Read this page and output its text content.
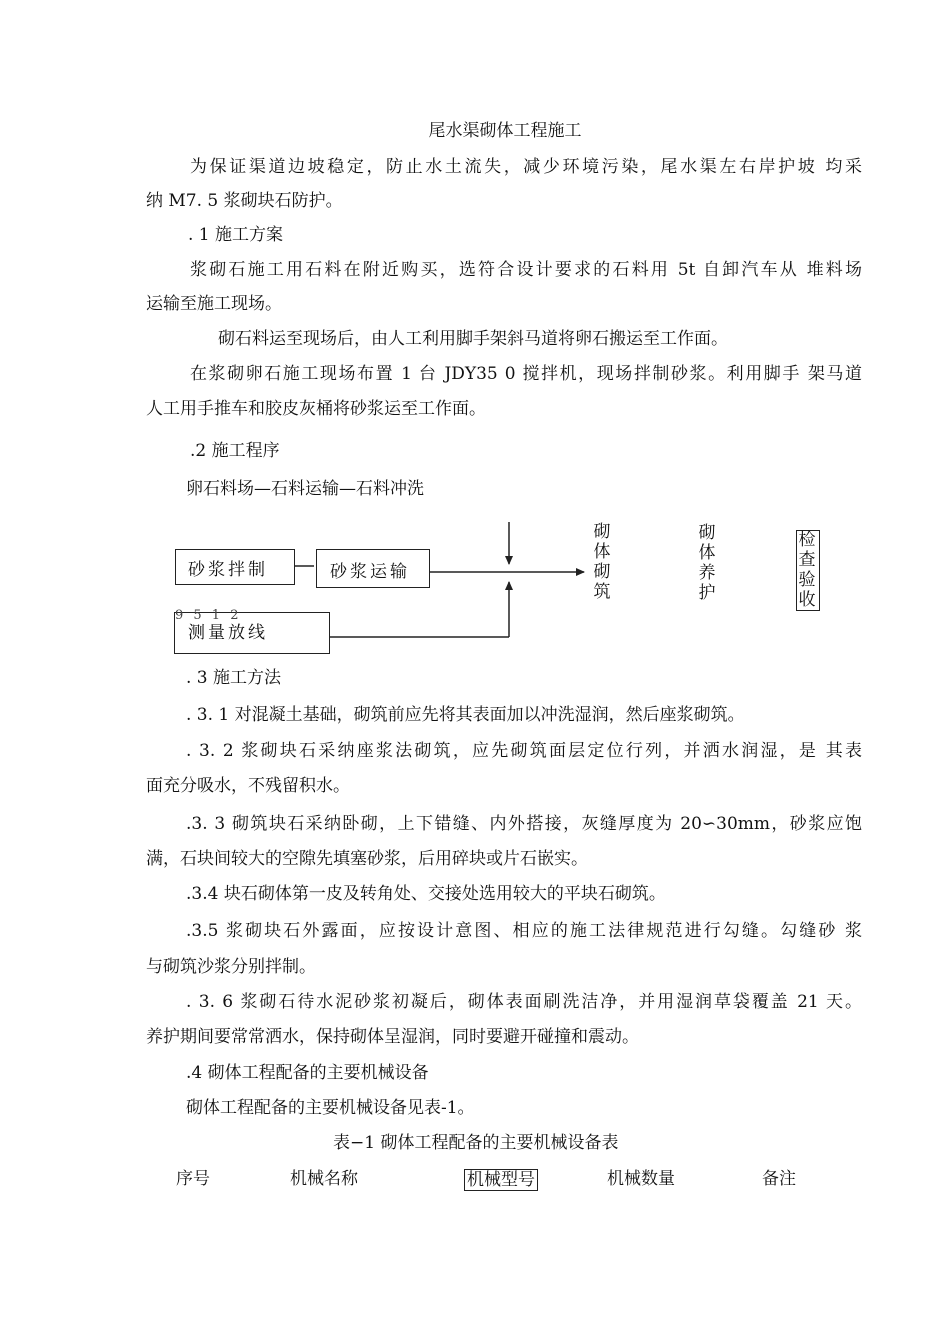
尾水渠砌体工程施工
为保证渠道边坡稳定，防止水土流失，减少环境污染，尾水渠左右岸护坡 均采
纳 M7. 5 浆砌块石防护。
. 1 施工方案
浆砌石施工用石料在附近购买，选符合设计要求的石料用 5t 自卸汽车从 堆料场
运输至施工现场。
砌石料运至现场后，由人工利用脚手架斜马道将卵石搬运至工作面。
在浆砌卵石施工现场布置 1 台 JDY35 0 搅拌机，现场拌制砂浆。利用脚手 架马道
人工用手推车和胶皮灰桶将砂浆运至工作面。
.2 施工程序
卵石料场—石料运输—石料冲洗
砂浆拌制	砂浆运输
9 5 1 2
测量放线
砌体砌筑
砌体养护
检查验收
. 3 施工方法
. 3. 1 对混凝土基础，砌筑前应先将其表面加以冲洗湿润，然后座浆砌筑。
. 3. 2 浆砌块石采纳座浆法砌筑，应先砌筑面层定位行列，并洒水润湿，是 其表
面充分吸水，不残留积水。
.3. 3 砌筑块石采纳卧砌，上下错缝、内外搭接，灰缝厚度为 20∽30mm，砂浆应饱
满，石块间较大的空隙先填塞砂浆，后用碎块或片石嵌实。
.3.4 块石砌体第一皮及转角处、交接处选用较大的平块石砌筑。
.3.5 浆砌块石外露面，应按设计意图、相应的施工法律规范进行勾缝。勾缝砂 浆
与砌筑沙浆分别拌制。
. 3. 6 浆砌石待水泥砂浆初凝后，砌体表面刷洗洁净，并用湿润草袋覆盖 21 天。
养护期间要常常洒水，保持砌体呈湿润，同时要避开碰撞和震动。
.4 砌体工程配备的主要机械设备
砌体工程配备的主要机械设备见表-1。
表−1 砌体工程配备的主要机械设备表
序号	机械名称	机械型号	机械数量	备注
